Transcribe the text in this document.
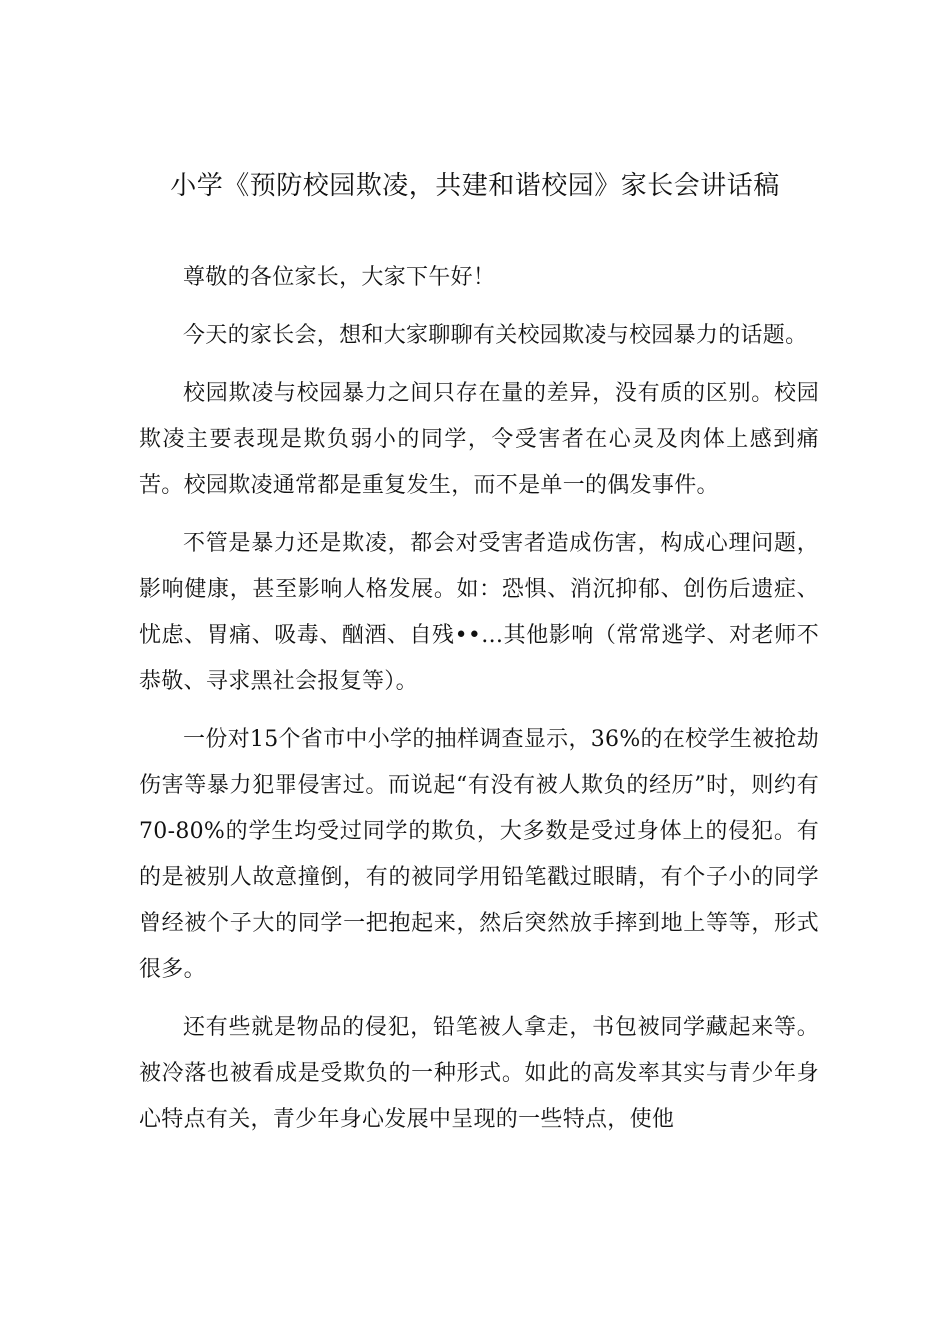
小学《预防校园欺凌，共建和谐校园》家长会讲话稿

尊敬的各位家长，大家下午好！

今天的家长会，想和大家聊聊有关校园欺凌与校园暴力的话题。

校园欺凌与校园暴力之间只存在量的差异，没有质的区别。校园欺凌主要表现是欺负弱小的同学，令受害者在心灵及肉体上感到痛苦。校园欺凌通常都是重复发生，而不是单一的偶发事件。

不管是暴力还是欺凌，都会对受害者造成伤害，构成心理问题，影响健康，甚至影响人格发展。如：恐惧、消沉抑郁、创伤后遗症、忧虑、胃痛、吸毒、酗酒、自残••…其他影响（常常逃学、对老师不恭敬、寻求黑社会报复等）。

一份对15个省市中小学的抽样调查显示，36%的在校学生被抢劫伤害等暴力犯罪侵害过。而说起“有没有被人欺负的经历”时，则约有70-80%的学生均受过同学的欺负，大多数是受过身体上的侵犯。有的是被别人故意撞倒，有的被同学用铅笔戳过眼睛，有个子小的同学曾经被个子大的同学一把抱起来，然后突然放手摔到地上等等，形式很多。

还有些就是物品的侵犯，铅笔被人拿走，书包被同学藏起来等。被冷落也被看成是受欺负的一种形式。如此的高发率其实与青少年身心特点有关，青少年身心发展中呈现的一些特点，使他
